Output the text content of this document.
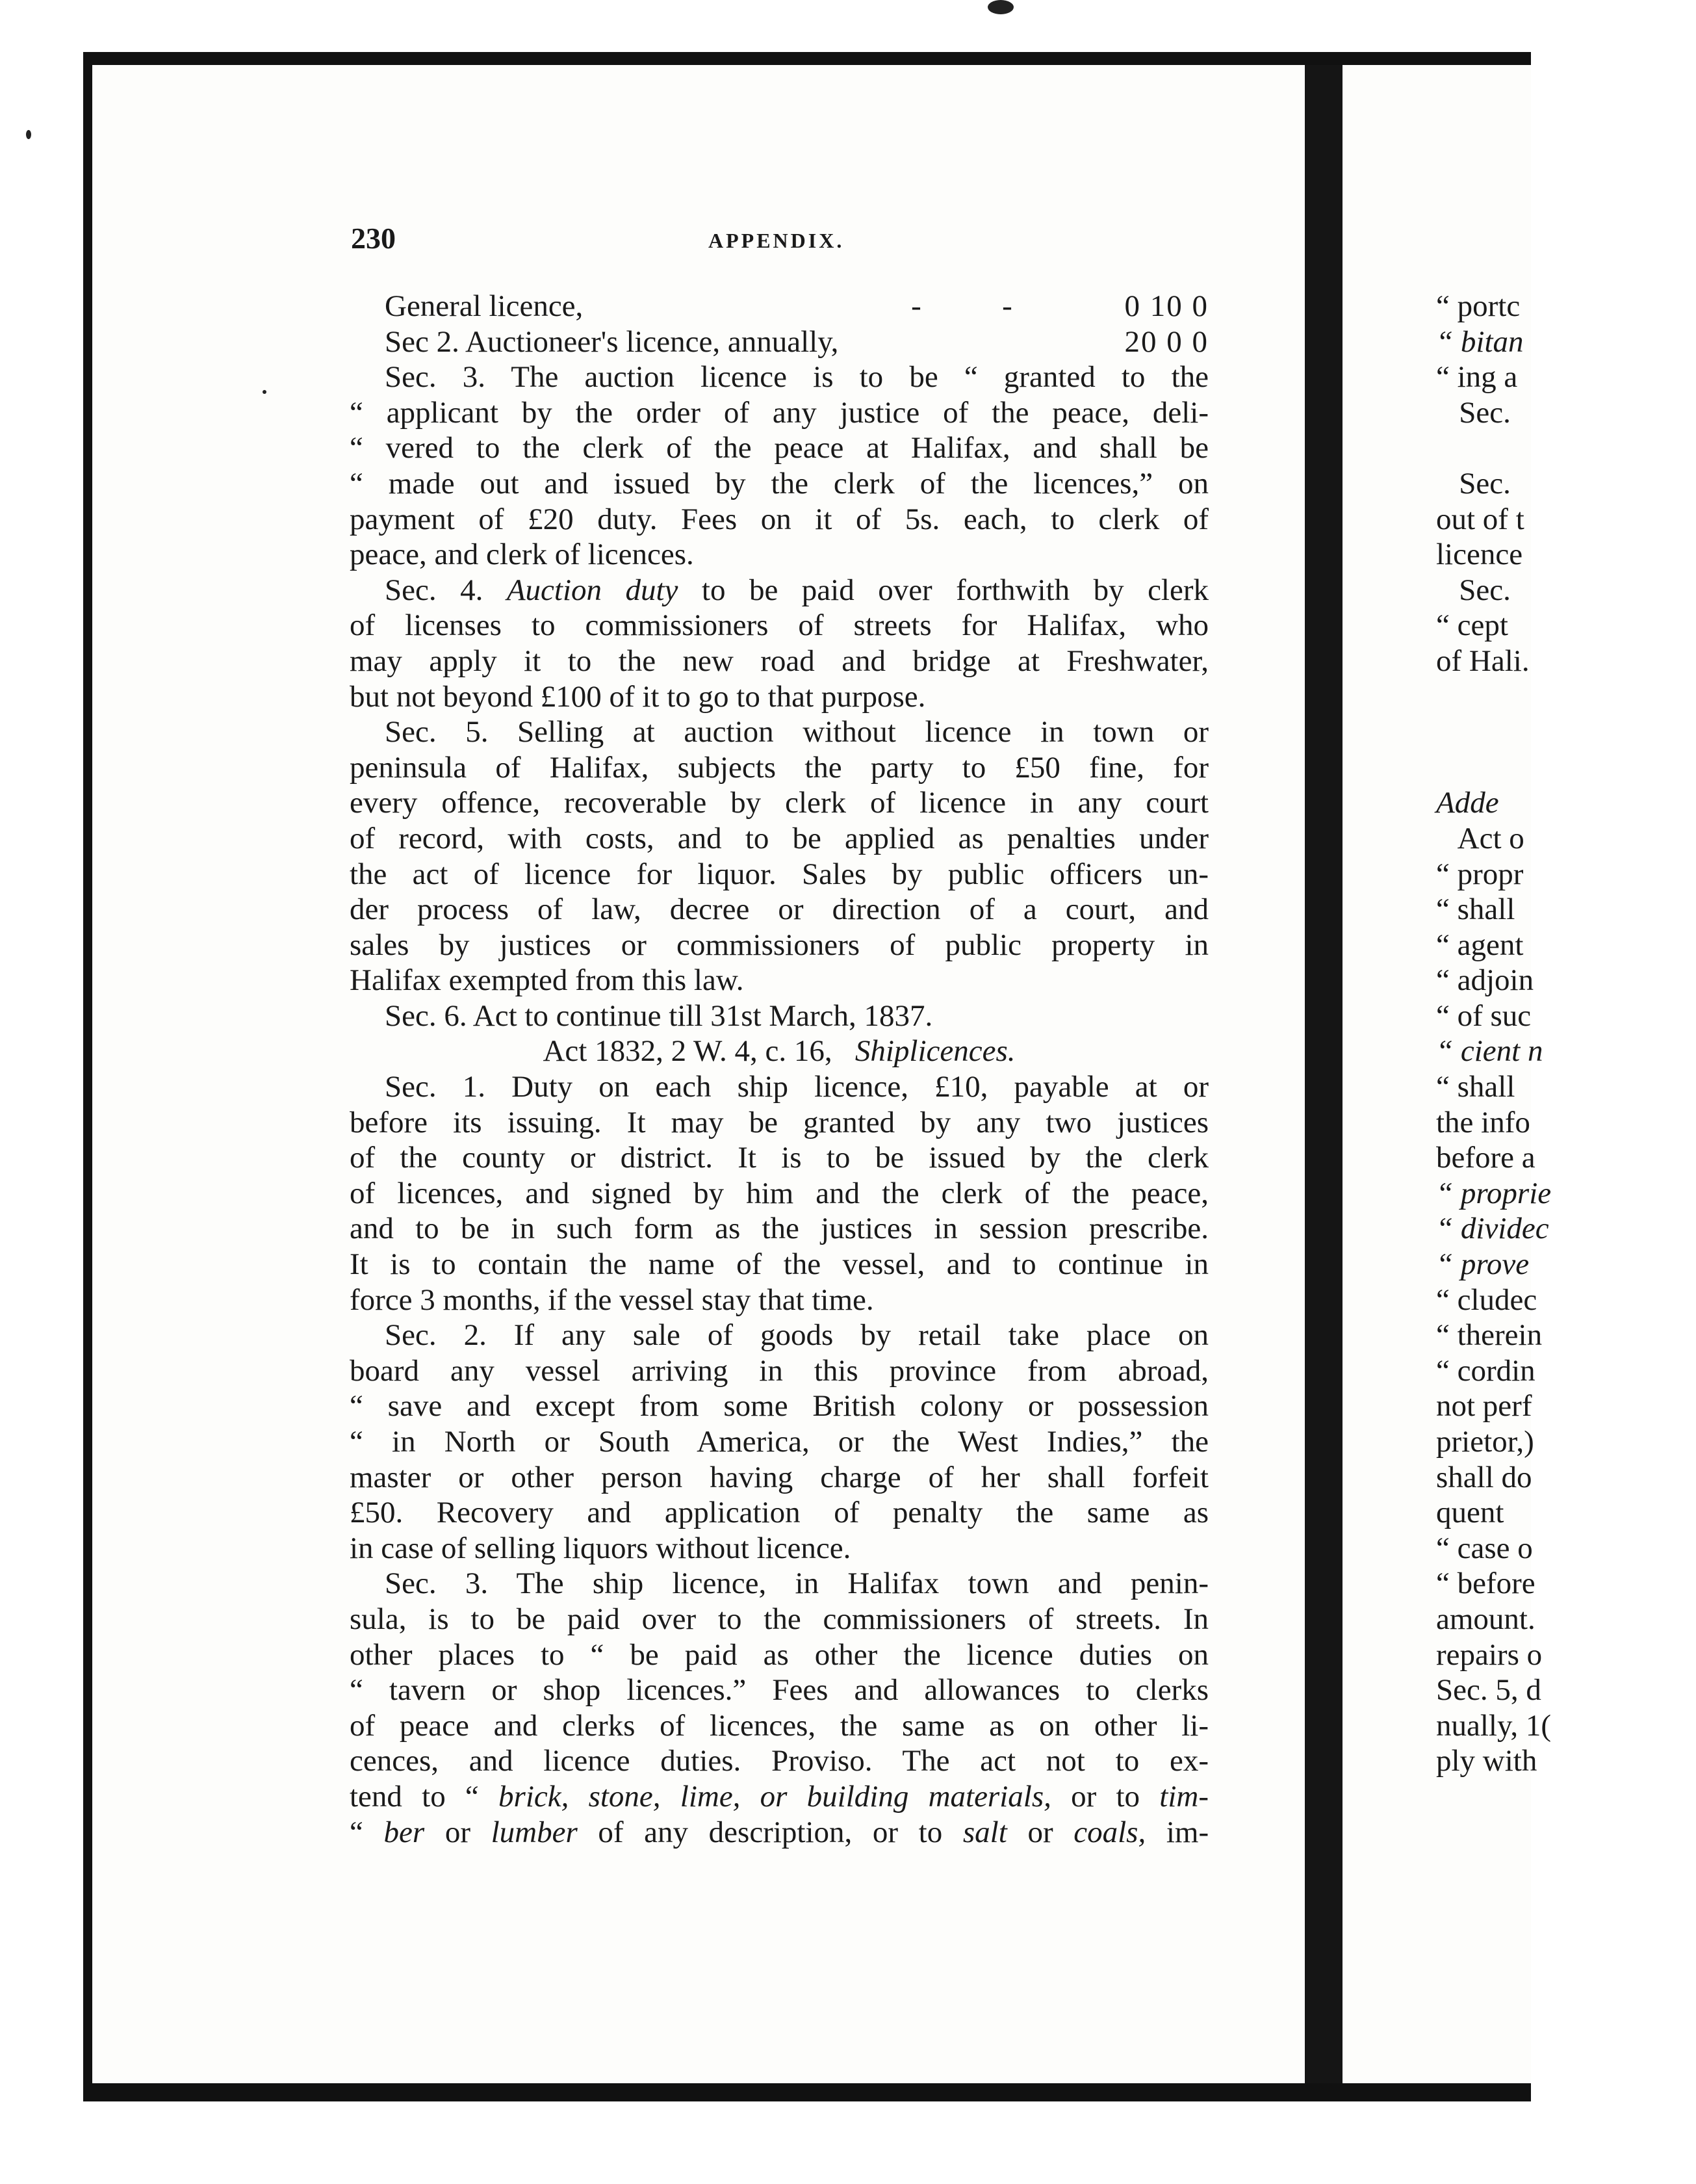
230	APPENDIX.
General licence,	-	-	0 10 0
Sec 2. Auctioneer's licence, annually,	20 0 0
Sec. 3. The auction licence is to be “ granted to the
“ applicant by the order of any justice of the peace, deli-
“ vered to the clerk of the peace at Halifax, and shall be
“ made out and issued by the clerk of the licences,” on
payment of £20 duty. Fees on it of 5s. each, to clerk of
peace, and clerk of licences.
Sec. 4. Auction duty to be paid over forthwith by clerk
of licenses to commissioners of streets for Halifax, who
may apply it to the new road and bridge at Freshwater,
but not beyond £100 of it to go to that purpose.
Sec. 5. Selling at auction without licence in town or
peninsula of Halifax, subjects the party to £50 fine, for
every offence, recoverable by clerk of licence in any court
of record, with costs, and to be applied as penalties under
the act of licence for liquor. Sales by public officers un-
der process of law, decree or direction of a court, and
sales by justices or commissioners of public property in
Halifax exempted from this law.
Sec. 6. Act to continue till 31st March, 1837.
Act 1832, 2 W. 4, c. 16, Shiplicences.
Sec. 1. Duty on each ship licence, £10, payable at or
before its issuing. It may be granted by any two justices
of the county or district. It is to be issued by the clerk
of licences, and signed by him and the clerk of the peace,
and to be in such form as the justices in session prescribe.
It is to contain the name of the vessel, and to continue in
force 3 months, if the vessel stay that time.
Sec. 2. If any sale of goods by retail take place on
board any vessel arriving in this province from abroad,
“ save and except from some British colony or possession
“ in North or South America, or the West Indies,” the
master or other person having charge of her shall forfeit
£50. Recovery and application of penalty the same as
in case of selling liquors without licence.
Sec. 3. The ship licence, in Halifax town and penin-
sula, is to be paid over to the commissioners of streets. In
other places to “ be paid as other the licence duties on
“ tavern or shop licences.” Fees and allowances to clerks
of peace and clerks of licences, the same as on other li-
cences, and licence duties. Proviso. The act not to ex-
tend to “ brick, stone, lime, or building materials, or to tim-
“ ber or lumber of any description, or to salt or coals, im-
“ portc
“ bitan
“ ing a
Sec.
Sec.
out of t
licence
Sec.
“ cept
of Hali.
Adde
Act o
“ propr
“ shall
“ agent
“ adjoin
“ of suc
“ cient n
“ shall
the info
before a
“ proprie
“ dividec
“ prove
“ cludec
“ therein
“ cordin
not perf
prietor,)
shall do
quent
“ case o
“ before
amount.
repairs o
Sec. 5, d
nually, 1(
ply with
